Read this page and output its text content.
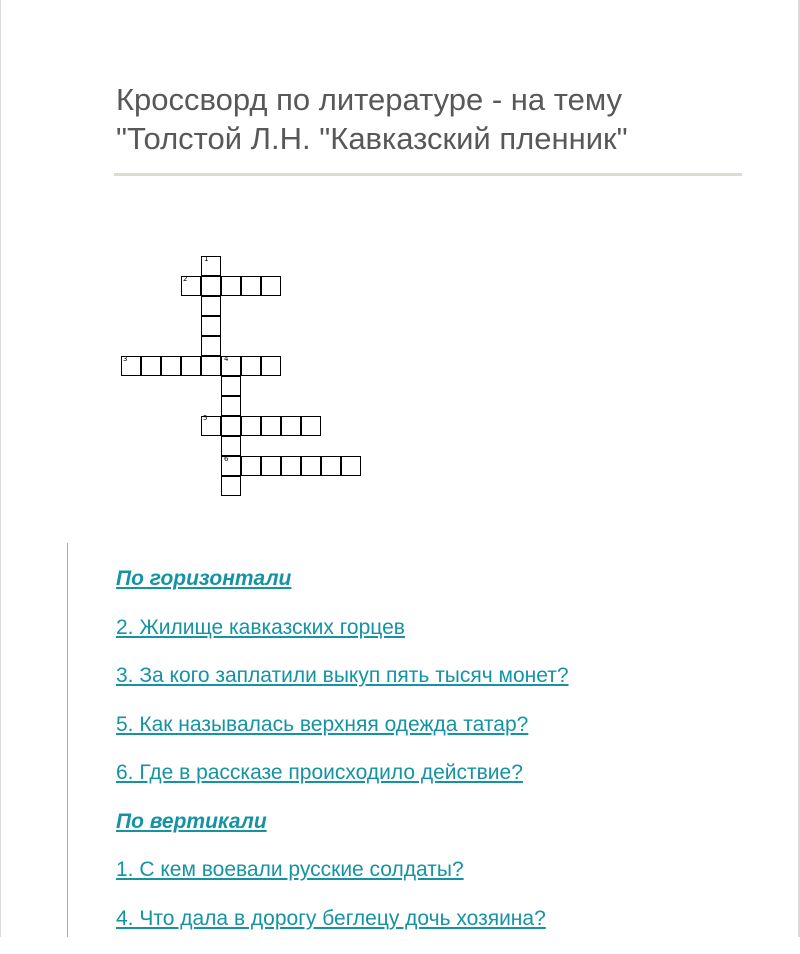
Кроссворд по литературе - на тему
"Толстой Л.Н. "Кавказский пленник"
1
2
3	4
5
6
По горизонтали
2. Жилище кавказских горцев
3. За кого заплатили выкуп пять тысяч монет?
5. Как называлась верхняя одежда татар?
6. Где в рассказе происходило действие?
По вертикали
1. С кем воевали русские солдаты?
4. Что дала в дорогу беглецу дочь хозяина?
